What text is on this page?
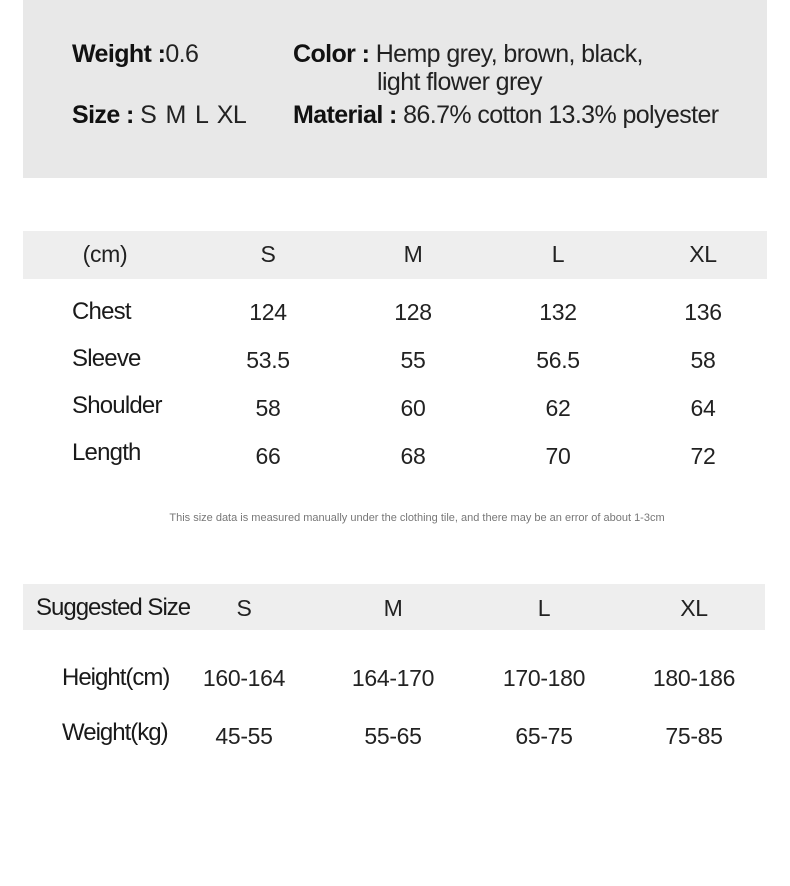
Weight :0.6
Size : S M L XL
Color : Hemp grey, brown, black,
light flower grey
Material : 86.7% cotton 13.3% polyester
(cm)	S	M	L	XL
Chest	124	128	132	136
Sleeve	53.5	55	56.5	58
Shoulder	58	60	62	64
Length	66	68	70	72
This size data is measured manually under the clothing tile, and there may be an error of about 1-3cm
Suggested Size S	M	L	XL
Height(cm) 160-164	164-170	170-180	180-186
Weight(kg) 45-55	55-65	65-75	75-85
